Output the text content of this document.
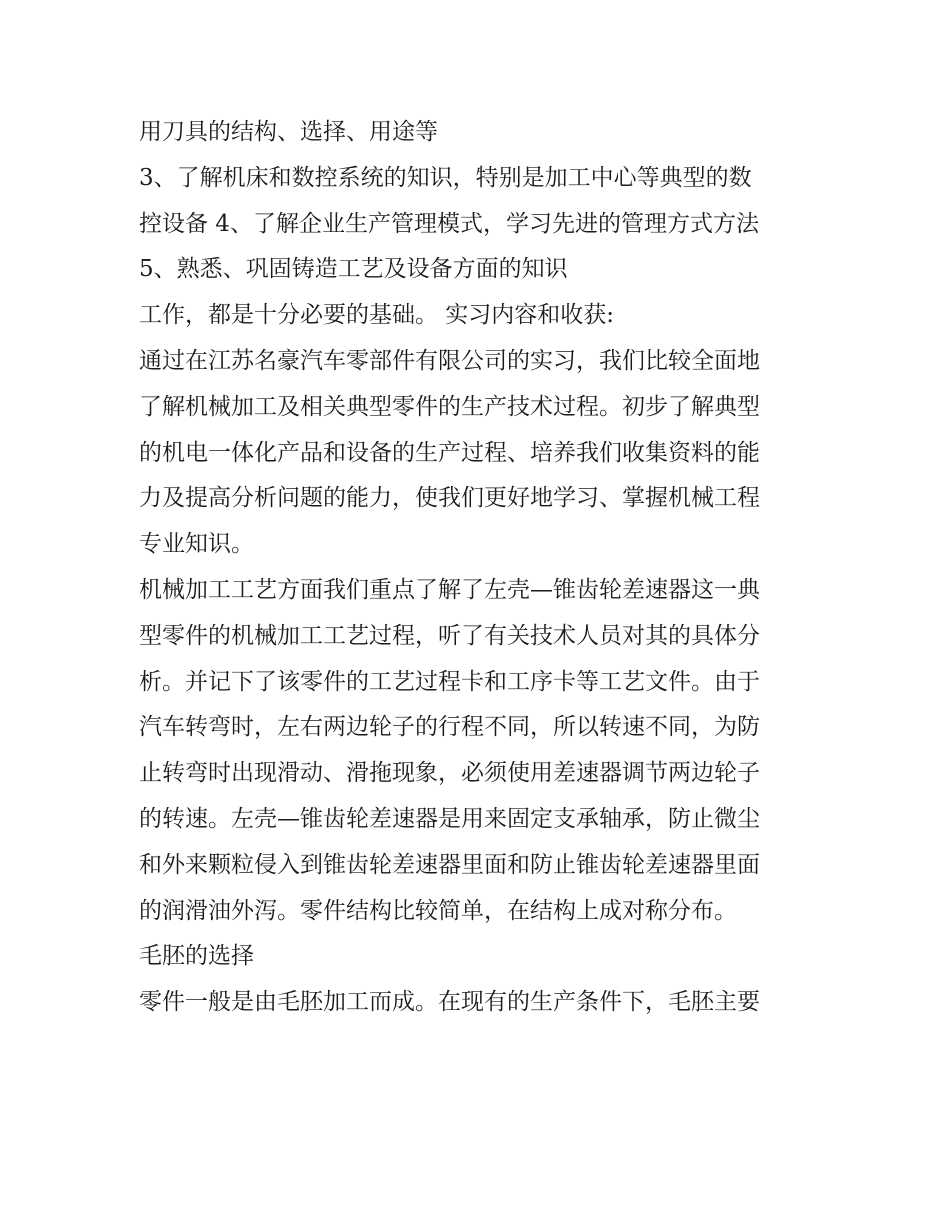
用刀具的结构、选择、用途等
3、了解机床和数控系统的知识，特别是加工中心等典型的数
控设备 4、了解企业生产管理模式，学习先进的管理方式方法
5、熟悉、巩固铸造工艺及设备方面的知识
工作，都是十分必要的基础。 实习内容和收获:
通过在江苏名豪汽车零部件有限公司的实习，我们比较全面地
了解机械加工及相关典型零件的生产技术过程。初步了解典型
的机电一体化产品和设备的生产过程、培养我们收集资料的能
力及提高分析问题的能力，使我们更好地学习、掌握机械工程
专业知识。
机械加工工艺方面我们重点了解了左壳—锥齿轮差速器这一典
型零件的机械加工工艺过程，听了有关技术人员对其的具体分
析。并记下了该零件的工艺过程卡和工序卡等工艺文件。由于
汽车转弯时，左右两边轮子的行程不同，所以转速不同，为防
止转弯时出现滑动、滑拖现象，必须使用差速器调节两边轮子
的转速。左壳—锥齿轮差速器是用来固定支承轴承，防止微尘
和外来颗粒侵入到锥齿轮差速器里面和防止锥齿轮差速器里面
的润滑油外泻。零件结构比较简单，在结构上成对称分布。
毛胚的选择
零件一般是由毛胚加工而成。在现有的生产条件下，毛胚主要
